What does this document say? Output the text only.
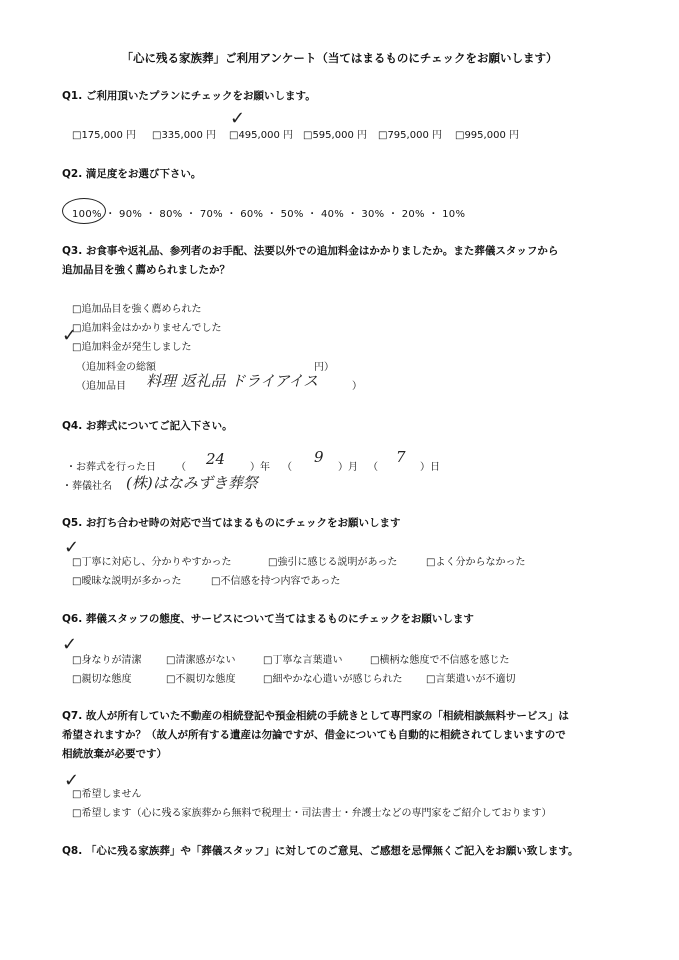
「心に残る家族葬」ご利用アンケート（当てはまるものにチェックをお願いします）
Q1. ご利用頂いたプランにチェックをお願いします。
□175,000 円 □335,000 円 □495,000 円 □595,000 円 □795,000 円 □995,000 円
✓
Q2. 満足度をお選び下さい。
100% ・ 90% ・ 80% ・ 70% ・ 60% ・ 50% ・ 40% ・ 30% ・ 20% ・ 10%
Q3. お食事や返礼品、参列者のお手配、法要以外での追加料金はかかりましたか。また葬儀スタッフから
追加品目を強く薦められましたか？
□追加品目を強く薦められた
□追加料金はかかりませんでした
□追加料金が発生しました
✓
（追加料金の総額	円）
（追加品目 料理 返礼品 ドライアイス	）
Q4. お葬式についてご記入下さい。
・お葬式を行った日 （ 24 ）年 （
9
）月 （
7
）日
・葬儀社名 (株)はなみずき葬祭
Q5. お打ち合わせ時の対応で当てはまるものにチェックをお願いします
□丁寧に対応し、分かりやすかった	□強引に感じる説明があった	□よく分からなかった
□曖昧な説明が多かった	□不信感を持つ内容であった
✓
Q6. 葬儀スタッフの態度、サービスについて当てはまるものにチェックをお願いします
□身なりが清潔 □清潔感がない	□丁寧な言葉遣い	□横柄な態度で不信感を感じた
□親切な態度	□不親切な態度	□細やかな心遣いが感じられた □言葉遣いが不適切
✓
Q7. 故人が所有していた不動産の相続登記や預金相続の手続きとして専門家の「相続相談無料サービス」は
希望されますか？（故人が所有する遺産は勿論ですが、借金についても自動的に相続されてしまいますので
相続放棄が必要です）
□希望しません
□希望します（心に残る家族葬から無料で税理士・司法書士・弁護士などの専門家をご紹介しております）
✓
Q8. 「心に残る家族葬」や「葬儀スタッフ」に対してのご意見、ご感想を忌憚無くご記入をお願い致します。
